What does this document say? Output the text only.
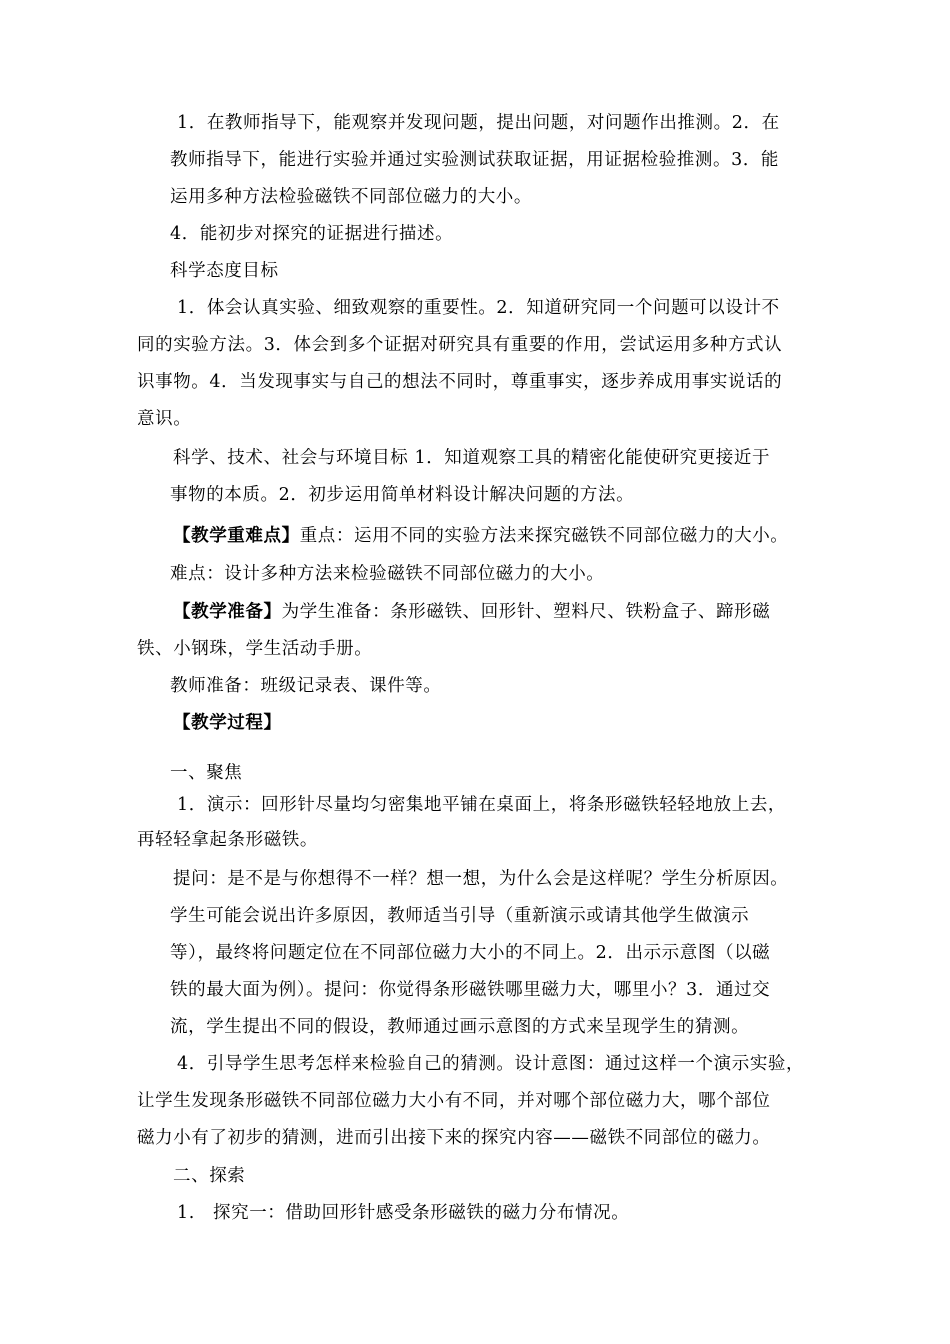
1．在教师指导下，能观察并发现问题，提出问题，对问题作出推测。2．在
教师指导下，能进行实验并通过实验测试获取证据，用证据检验推测。3．能
运用多种方法检验磁铁不同部位磁力的大小。
4．能初步对探究的证据进行描述。
科学态度目标
1．体会认真实验、细致观察的重要性。2．知道研究同一个问题可以设计不
同的实验方法。3．体会到多个证据对研究具有重要的作用，尝试运用多种方式认
识事物。4．当发现事实与自己的想法不同时，尊重事实，逐步养成用事实说话的
意识。
科学、技术、社会与环境目标 1．知道观察工具的精密化能使研究更接近于
事物的本质。2．初步运用简单材料设计解决问题的方法。
【教学重难点】重点：运用不同的实验方法来探究磁铁不同部位磁力的大小。
难点：设计多种方法来检验磁铁不同部位磁力的大小。
【教学准备】为学生准备：条形磁铁、回形针、塑料尺、铁粉盒子、蹄形磁
铁、小钢珠，学生活动手册。
教师准备：班级记录表、课件等。
【教学过程】
一、聚焦
1．演示：回形针尽量均匀密集地平铺在桌面上，将条形磁铁轻轻地放上去，
再轻轻拿起条形磁铁。
提问：是不是与你想得不一样？想一想，为什么会是这样呢？学生分析原因。
学生可能会说出许多原因，教师适当引导（重新演示或请其他学生做演示
等），最终将问题定位在不同部位磁力大小的不同上。2．出示示意图（以磁
铁的最大面为例）。提问：你觉得条形磁铁哪里磁力大，哪里小？3．通过交
流，学生提出不同的假设，教师通过画示意图的方式来呈现学生的猜测。
4．引导学生思考怎样来检验自己的猜测。设计意图：通过这样一个演示实验，
让学生发现条形磁铁不同部位磁力大小有不同，并对哪个部位磁力大，哪个部位
磁力小有了初步的猜测，进而引出接下来的探究内容——磁铁不同部位的磁力。
二、探索
1.　探究一：借助回形针感受条形磁铁的磁力分布情况。
